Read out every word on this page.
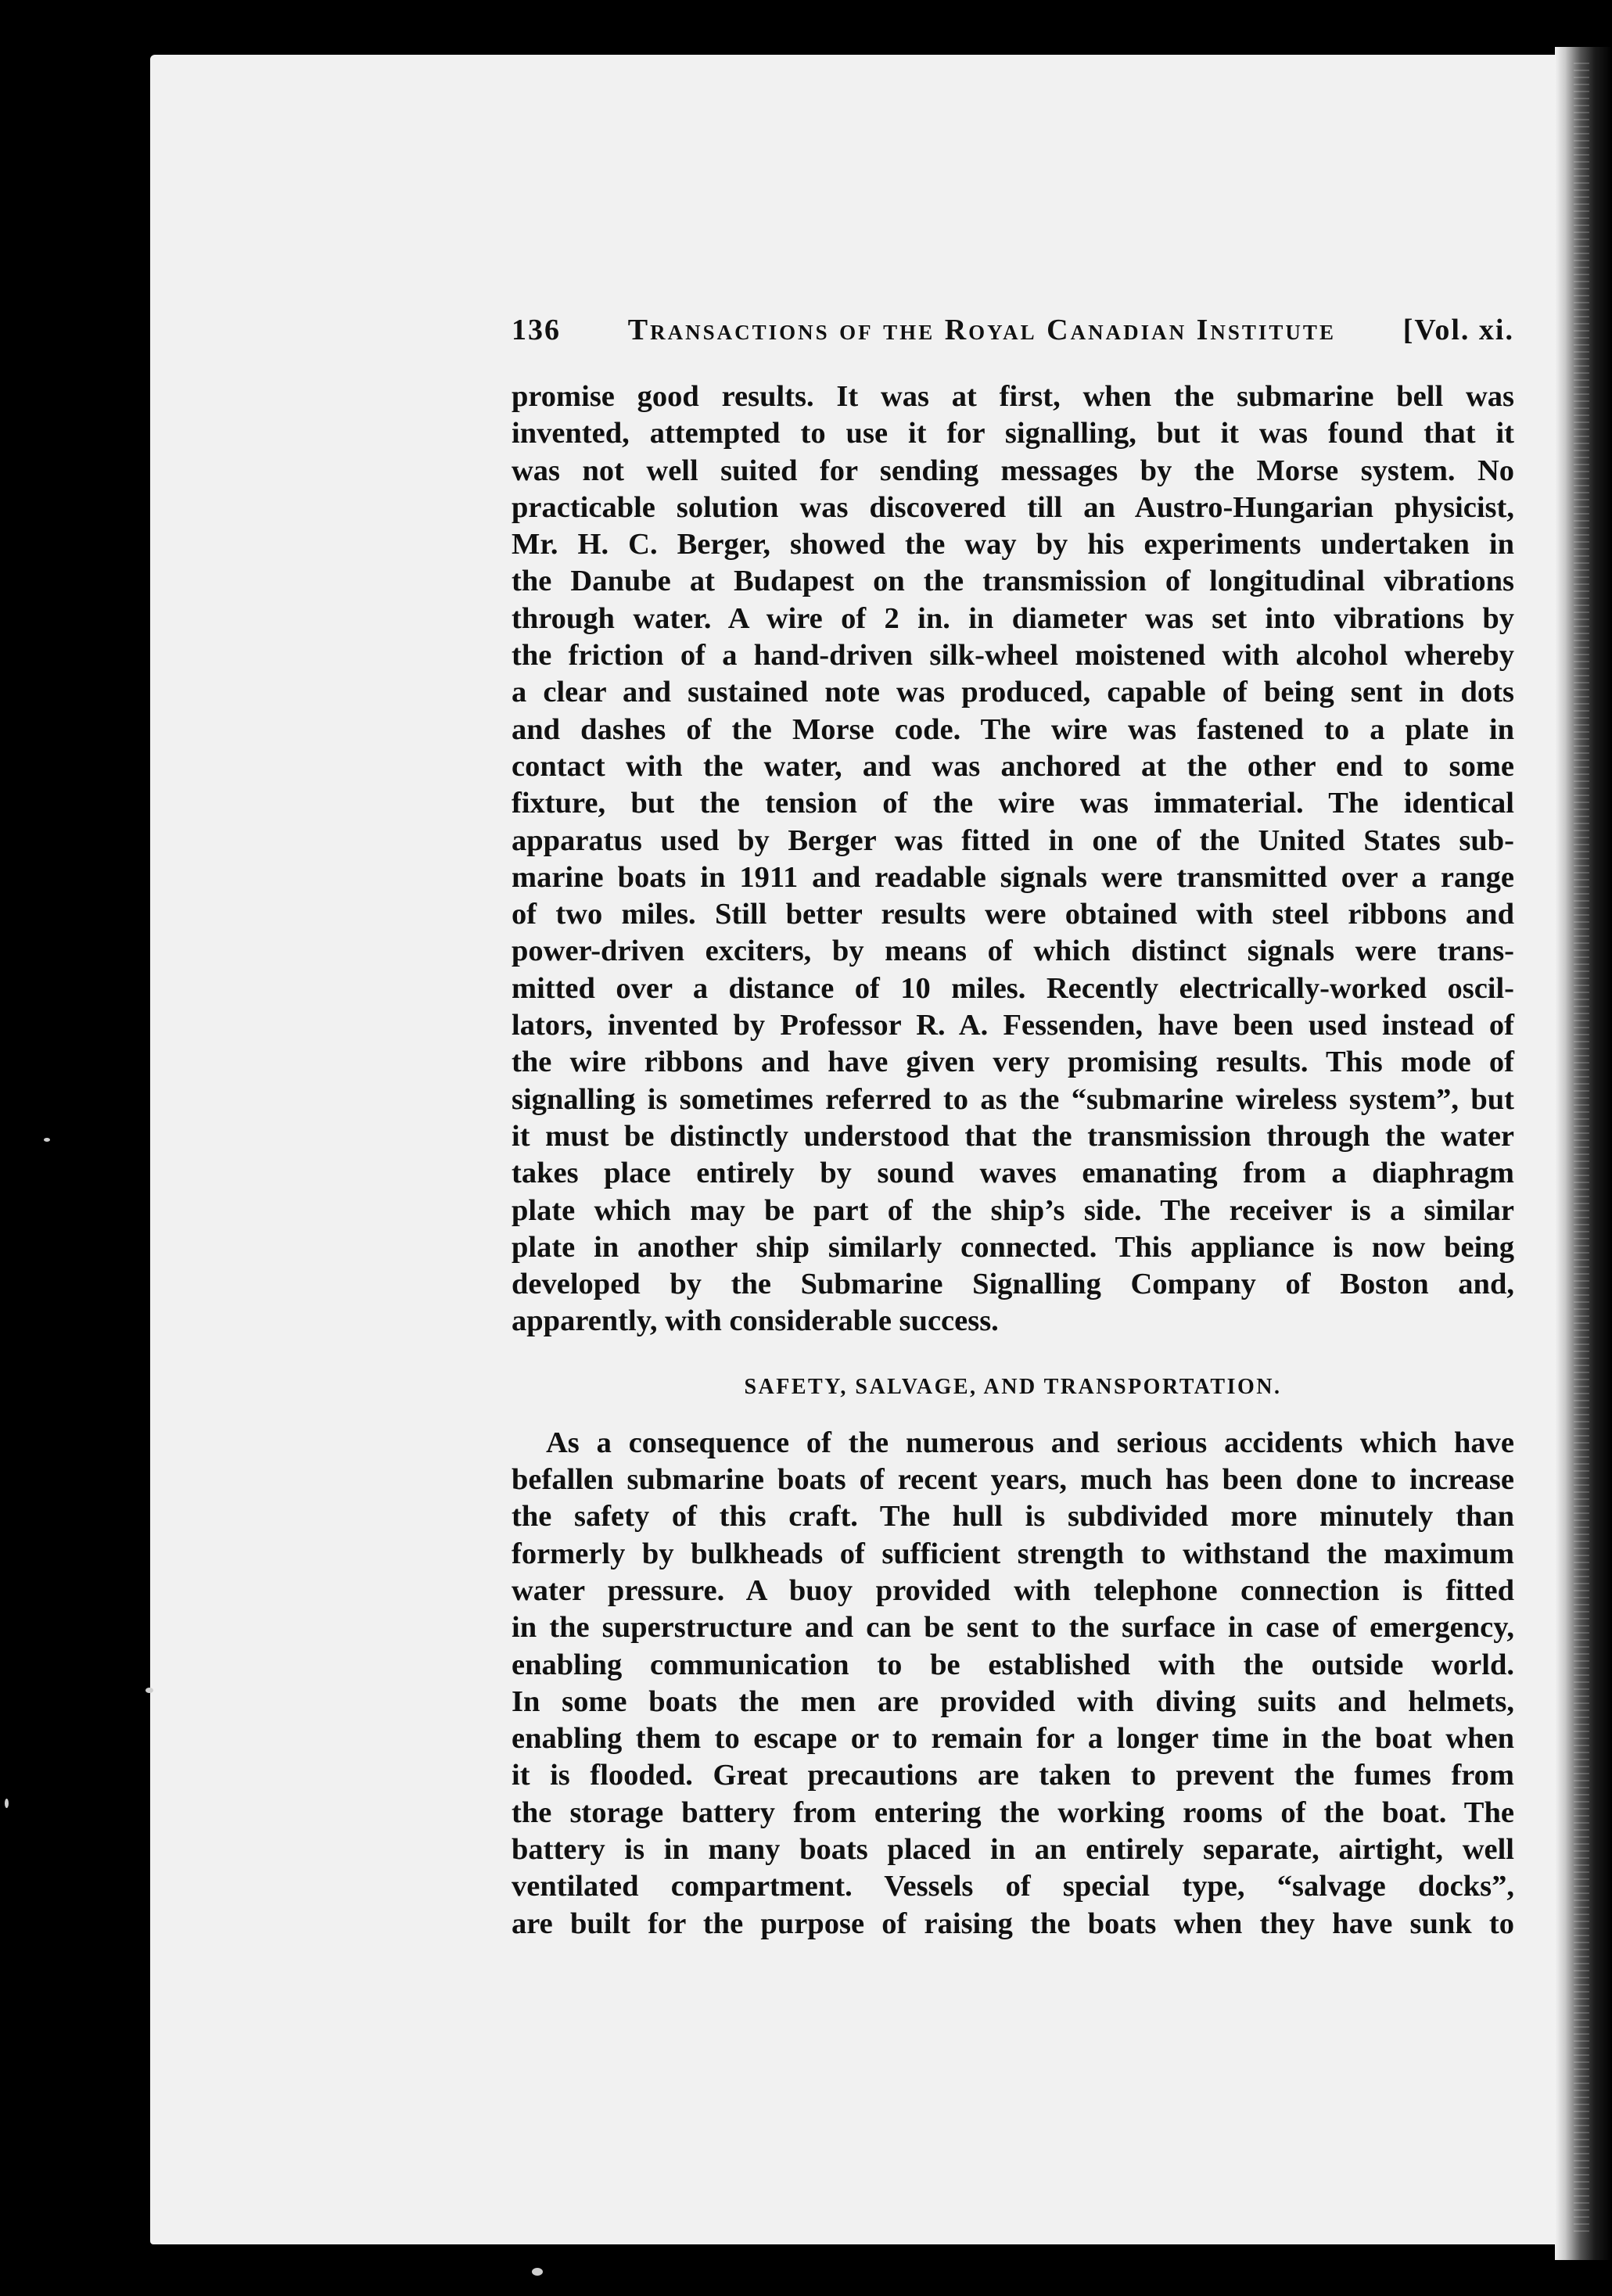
136 Transactions of the Royal Canadian Institute [Vol. xi.
promise good results. It was at first, when the submarine bell was
invented, attempted to use it for signalling, but it was found that it
was not well suited for sending messages by the Morse system. No
practicable solution was discovered till an Austro-Hungarian physicist,
Mr. H. C. Berger, showed the way by his experiments undertaken in
the Danube at Budapest on the transmission of longitudinal vibrations
through water. A wire of 2 in. in diameter was set into vibrations by
the friction of a hand-driven silk-wheel moistened with alcohol whereby
a clear and sustained note was produced, capable of being sent in dots
and dashes of the Morse code. The wire was fastened to a plate in
contact with the water, and was anchored at the other end to some
fixture, but the tension of the wire was immaterial. The identical
apparatus used by Berger was fitted in one of the United States sub-
marine boats in 1911 and readable signals were transmitted over a range
of two miles. Still better results were obtained with steel ribbons and
power-driven exciters, by means of which distinct signals were trans-
mitted over a distance of 10 miles. Recently electrically-worked oscil-
lators, invented by Professor R. A. Fessenden, have been used instead of
the wire ribbons and have given very promising results. This mode of
signalling is sometimes referred to as the “submarine wireless system”, but
it must be distinctly understood that the transmission through the water
takes place entirely by sound waves emanating from a diaphragm
plate which may be part of the ship’s side. The receiver is a similar
plate in another ship similarly connected. This appliance is now being
developed by the Submarine Signalling Company of Boston and,
apparently, with considerable success.
SAFETY, SALVAGE, AND TRANSPORTATION.
As a consequence of the numerous and serious accidents which have
befallen submarine boats of recent years, much has been done to increase
the safety of this craft. The hull is subdivided more minutely than
formerly by bulkheads of sufficient strength to withstand the maximum
water pressure. A buoy provided with telephone connection is fitted
in the superstructure and can be sent to the surface in case of emergency,
enabling communication to be established with the outside world.
In some boats the men are provided with diving suits and helmets,
enabling them to escape or to remain for a longer time in the boat when
it is flooded. Great precautions are taken to prevent the fumes from
the storage battery from entering the working rooms of the boat. The
battery is in many boats placed in an entirely separate, airtight, well
ventilated compartment. Vessels of special type, “salvage docks”,
are built for the purpose of raising the boats when they have sunk to
